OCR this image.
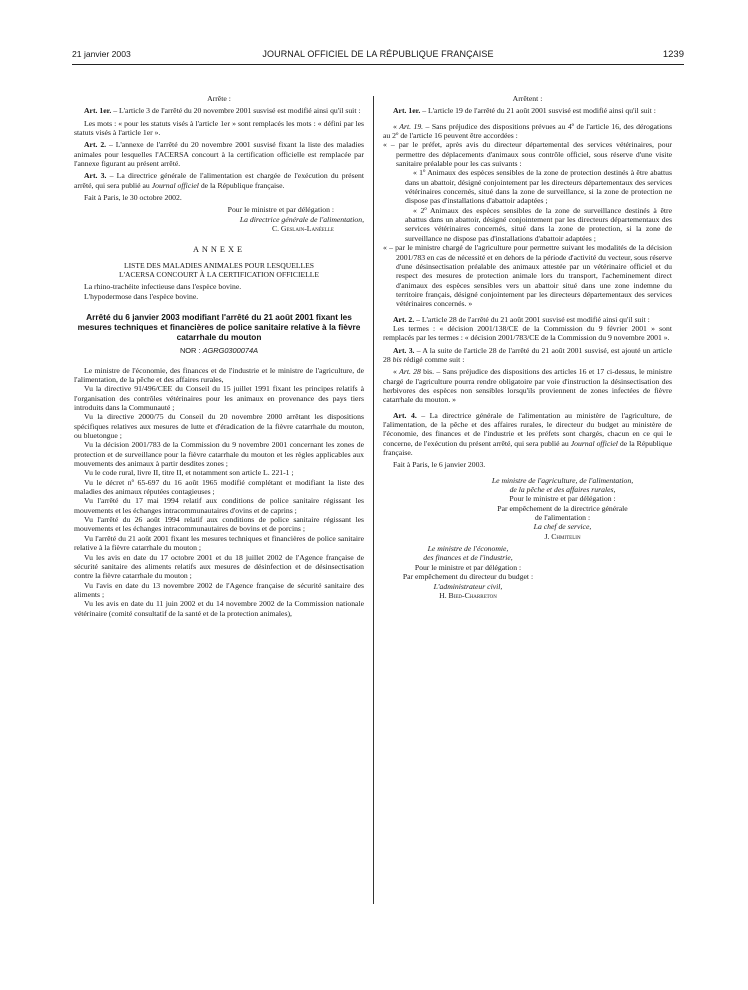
21 janvier 2003	JOURNAL OFFICIEL DE LA RÉPUBLIQUE FRANÇAISE	1239

Arrête :

Art. 1er. – L'article 3 de l'arrêté du 20 novembre 2001 susvisé est modifié ainsi qu'il suit :

Les mots : « pour les statuts visés à l'article 1er » sont remplacés les mots : « défini par les statuts visés à l'article 1er ».

Art. 2. – L'annexe de l'arrêté du 20 novembre 2001 susvisé fixant la liste des maladies animales pour lesquelles l'ACERSA concourt à la certification officielle est remplacée par l'annexe figurant au présent arrêté.

Art. 3. – La directrice générale de l'alimentation est chargée de l'exécution du présent arrêté, qui sera publié au Journal officiel de la République française.

Fait à Paris, le 30 octobre 2002.

Pour le ministre et par délégation :

La directrice générale de l'alimentation,

C. Geslain-Lanéelle

ANNEXE

LISTE DES MALADIES ANIMALES POUR LESQUELLES
L'ACERSA CONCOURT À LA CERTIFICATION OFFICIELLE

La rhino-trachéite infectieuse dans l'espèce bovine.

L'hypodermose dans l'espèce bovine.

Arrêté du 6 janvier 2003 modifiant l'arrêté du 21 août 2001 fixant les mesures techniques et financières de police sanitaire relative à la fièvre catarrhale du mouton

NOR : AGRG0300074A

Le ministre de l'économie, des finances et de l'industrie et le ministre de l'agriculture, de l'alimentation, de la pêche et des affaires rurales,

Vu la directive 91/496/CEE du Conseil du 15 juillet 1991 fixant les principes relatifs à l'organisation des contrôles vétérinaires pour les animaux en provenance des pays tiers introduits dans la Communauté ;

Vu la directive 2000/75 du Conseil du 20 novembre 2000 arrêtant les dispositions spécifiques relatives aux mesures de lutte et d'éradication de la fièvre catarrhale du mouton, ou bluetongue ;

Vu la décision 2001/783 de la Commission du 9 novembre 2001 concernant les zones de protection et de surveillance pour la fièvre catarrhale du mouton et les règles applicables aux mouvements des animaux à partir desdites zones ;

Vu le code rural, livre II, titre II, et notamment son article L. 221-1 ;

Vu le décret nº 65-697 du 16 août 1965 modifié complétant et modifiant la liste des maladies des animaux réputées contagieuses ;

Vu l'arrêté du 17 mai 1994 relatif aux conditions de police sanitaire régissant les mouvements et les échanges intracommunautaires d'ovins et de caprins ;

Vu l'arrêté du 26 août 1994 relatif aux conditions de police sanitaire régissant les mouvements et les échanges intracommunautaires de bovins et de porcins ;

Vu l'arrêté du 21 août 2001 fixant les mesures techniques et financières de police sanitaire relative à la fièvre catarrhale du mouton ;

Vu les avis en date du 17 octobre 2001 et du 18 juillet 2002 de l'Agence française de sécurité sanitaire des aliments relatifs aux mesures de désinfection et de désinsectisation contre la fièvre catarrhale du mouton ;

Vu l'avis en date du 13 novembre 2002 de l'Agence française de sécurité sanitaire des aliments ;

Vu les avis en date du 11 juin 2002 et du 14 novembre 2002 de la Commission nationale vétérinaire (comité consultatif de la santé et de la protection animales),

Arrêtent :

Art. 1er. – L'article 19 de l'arrêté du 21 août 2001 susvisé est modifié ainsi qu'il suit :

« Art. 19. – Sans préjudice des dispositions prévues au 4º de l'article 16, des dérogations au 2º de l'article 16 peuvent être accordées :

« – par le préfet, après avis du directeur départemental des services vétérinaires, pour permettre des déplacements d'animaux sous contrôle officiel, sous réserve d'une visite sanitaire préalable pour les cas suivants :

« 1º Animaux des espèces sensibles de la zone de protection destinés à être abattus dans un abattoir, désigné conjointement par les directeurs départementaux des services vétérinaires concernés, situé dans la zone de surveillance, si la zone de protection ne dispose pas d'installations d'abattoir adaptées ;

« 2º Animaux des espèces sensibles de la zone de surveillance destinés à être abattus dans un abattoir, désigné conjointement par les directeurs départementaux des services vétérinaires concernés, situé dans la zone de protection, si la zone de surveillance ne dispose pas d'installations d'abattoir adaptées ;

« – par le ministre chargé de l'agriculture pour permettre suivant les modalités de la décision 2001/783 en cas de nécessité et en dehors de la période d'activité du vecteur, sous réserve d'une désinsectisation préalable des animaux attestée par un vétérinaire officiel et du respect des mesures de protection animale lors du transport, l'acheminement direct d'animaux des espèces sensibles vers un abattoir situé dans une zone indemne du territoire français, désigné conjointement par les directeurs départementaux des services vétérinaires concernés. »

Art. 2. – L'article 28 de l'arrêté du 21 août 2001 susvisé est modifié ainsi qu'il suit :

Les termes : « décision 2001/138/CE de la Commission du 9 février 2001 » sont remplacés par les termes : « décision 2001/783/CE de la Commission du 9 novembre 2001 ».

Art. 3. – A la suite de l'article 28 de l'arrêté du 21 août 2001 susvisé, est ajouté un article 28 bis rédigé comme suit :

« Art. 28 bis. – Sans préjudice des dispositions des articles 16 et 17 ci-dessus, le ministre chargé de l'agriculture pourra rendre obligatoire par voie d'instruction la désinsectisation des herbivores des espèces non sensibles lorsqu'ils proviennent de zones infectées de fièvre catarrhale du mouton. »

Art. 4. – La directrice générale de l'alimentation au ministère de l'agriculture, de l'alimentation, de la pêche et des affaires rurales, le directeur du budget au ministère de l'économie, des finances et de l'industrie et les préfets sont chargés, chacun en ce qui le concerne, de l'exécution du présent arrêté, qui sera publié au Journal officiel de la République française.

Fait à Paris, le 6 janvier 2003.

Le ministre de l'agriculture, de l'alimentation,

de la pêche et des affaires rurales,

Pour le ministre et par délégation :

Par empêchement de la directrice générale

de l'alimentation :

La chef de service,

J. Chmitelin

Le ministre de l'économie,

des finances et de l'industrie,

Pour le ministre et par délégation :

Par empêchement du directeur du budget :

L'administrateur civil,

H. Bied-Charreton
